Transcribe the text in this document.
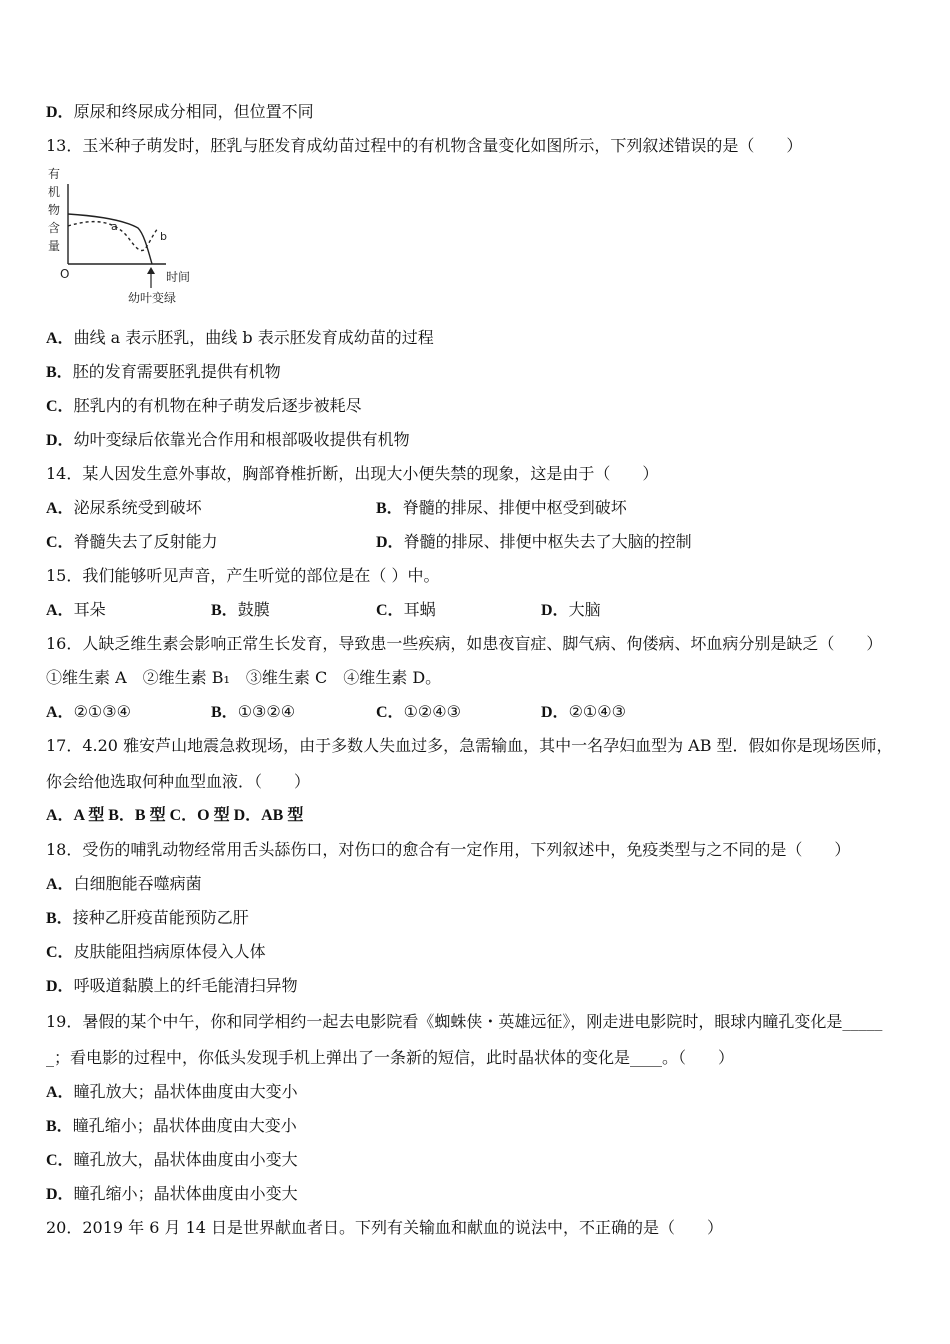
D．原尿和终尿成分相同，但位置不同
13．玉米种子萌发时，胚乳与胚发育成幼苗过程中的有机物含量变化如图所示，下列叙述错误的是（　　）
有
机
物
含
量
O	时间
a
b
幼叶变绿
A．曲线 a 表示胚乳，曲线 b 表示胚发育成幼苗的过程
B．胚的发育需要胚乳提供有机物
C．胚乳内的有机物在种子萌发后逐步被耗尽
D．幼叶变绿后依靠光合作用和根部吸收提供有机物
14．某人因发生意外事故，胸部脊椎折断，出现大小便失禁的现象，这是由于（　　）
A．泌尿系统受到破坏	B．脊髓的排尿、排便中枢受到破坏
C．脊髓失去了反射能力	D．脊髓的排尿、排便中枢失去了大脑的控制
15．我们能够听见声音，产生听觉的部位是在（ ）中。
A．耳朵	B．鼓膜	C．耳蜗	D．大脑
16．人缺乏维生素会影响正常生长发育，导致患一些疾病，如患夜盲症、脚气病、佝偻病、坏血病分别是缺乏（　　）
①维生素 A　②维生素 B₁　③维生素 C　④维生素 D。
A．②①③④	B．①③②④	C．①②④③	D．②①④③
17．4.20 雅安芦山地震急救现场，由于多数人失血过多，急需输血，其中一名孕妇血型为 AB 型．假如你是现场医师，
你会给他选取何种血型血液．（　　）
A．A 型 B．B 型 C．O 型 D．AB 型
18．受伤的哺乳动物经常用舌头舔伤口，对伤口的愈合有一定作用，下列叙述中，免疫类型与之不同的是（　　）
A．白细胞能吞噬病菌
B．接种乙肝疫苗能预防乙肝
C．皮肤能阻挡病原体侵入人体
D．呼吸道黏膜上的纤毛能清扫异物
19．暑假的某个中午，你和同学相约一起去电影院看《蜘蛛侠・英雄远征》，刚走进电影院时，眼球内瞳孔变化是_____
_；看电影的过程中，你低头发现手机上弹出了一条新的短信，此时晶状体的变化是____。（　　）
A．瞳孔放大；晶状体曲度由大变小
B．瞳孔缩小；晶状体曲度由大变小
C．瞳孔放大，晶状体曲度由小变大
D．瞳孔缩小；晶状体曲度由小变大
20．2019 年 6 月 14 日是世界献血者日。下列有关输血和献血的说法中，不正确的是（　　）
